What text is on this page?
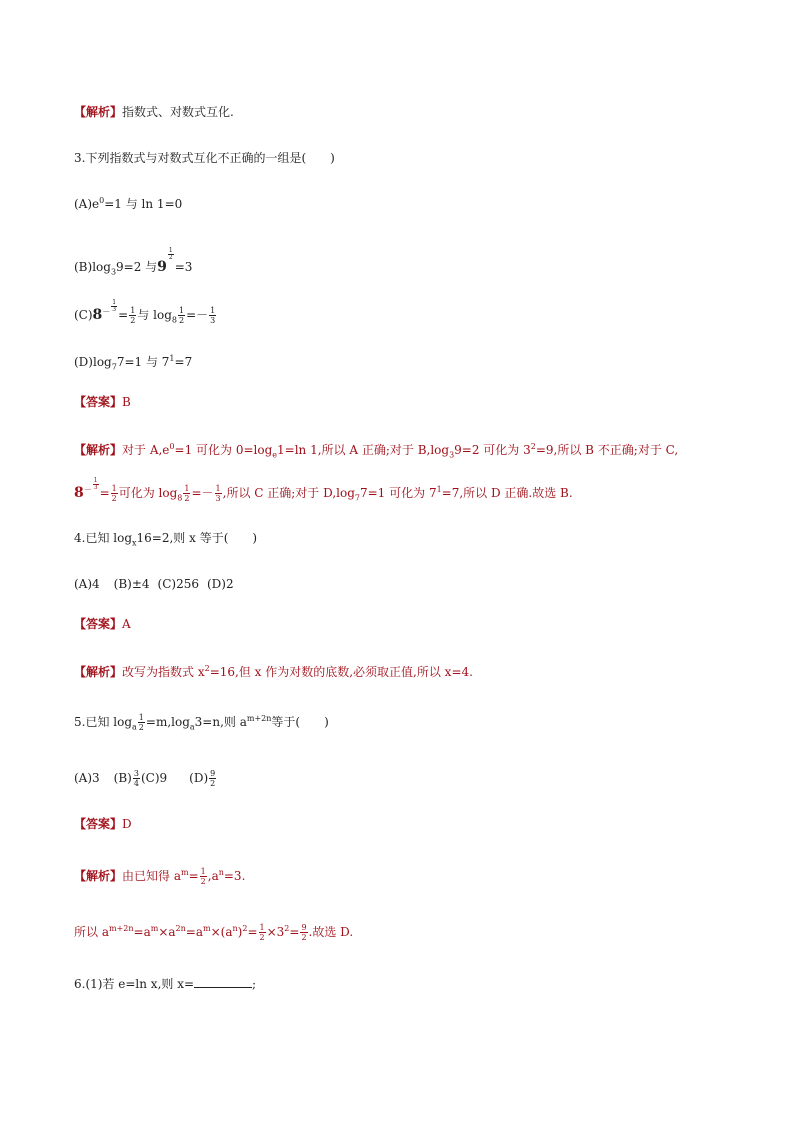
【解析】指数式、对数式互化.
3.下列指数式与对数式互化不正确的一组是(　　)
$(A)e^0=1$ 与 ln 1=0
$(B)\log_39=2$ 与9
$\frac{1}{2}$
=3
$(C)8^- \frac{1}{3}$
= $\frac{1}{2}$ 与 $\log_8 \frac{1}{2} =- \frac{1}{3}$
$(D)\log_77=1$ 与 $7^1=7$
【答案】B
【解析】对于 $A,e^0=1$ 可化为 $0=\log_e1=\ln$ 1,所以 A 正确;对于 $B,\log_39=2$ 可化为 $3^2=9$,所以 B 不正确;对于 C,
$8^- \frac{1}{3}$
= $\frac{1}{2}$ 可化为 $\log_8 \frac{1}{2} =- \frac{1}{3}$ ,所以 C 正确;对于 $D,\log_77=1$ 可化为 $7^1=7$,所以 D 正确.故选 B.
4.已知 $\log_x16=2$,则 x 等于(　　)
(A)4 (B)±4 (C)256 (D)2
【答案】A
【解析】改写为指数式 $x^2=16$,但 x 作为对数的底数,必须取正值,所以 x=4.
5.已知 $\log_a \frac{1}{2} =m,\log_a3=n$,则 $a^{m+2n}$等于(　　)
(A)3 $(B) \frac{3}{4} (C)9$ $(D) \frac{9}{2}$
【答案】D
【解析】由已知得 $a^m= \frac{1}{2} ,a^n=3$.
所以 $a^{m+2n}=a^m\times a^{2n}=a^m\times(a^n)^2= \frac{1}{2} \times 3^2= \frac{9}{2}$ .故选 D.
6.(1)若 e=ln x,则 x=	;
